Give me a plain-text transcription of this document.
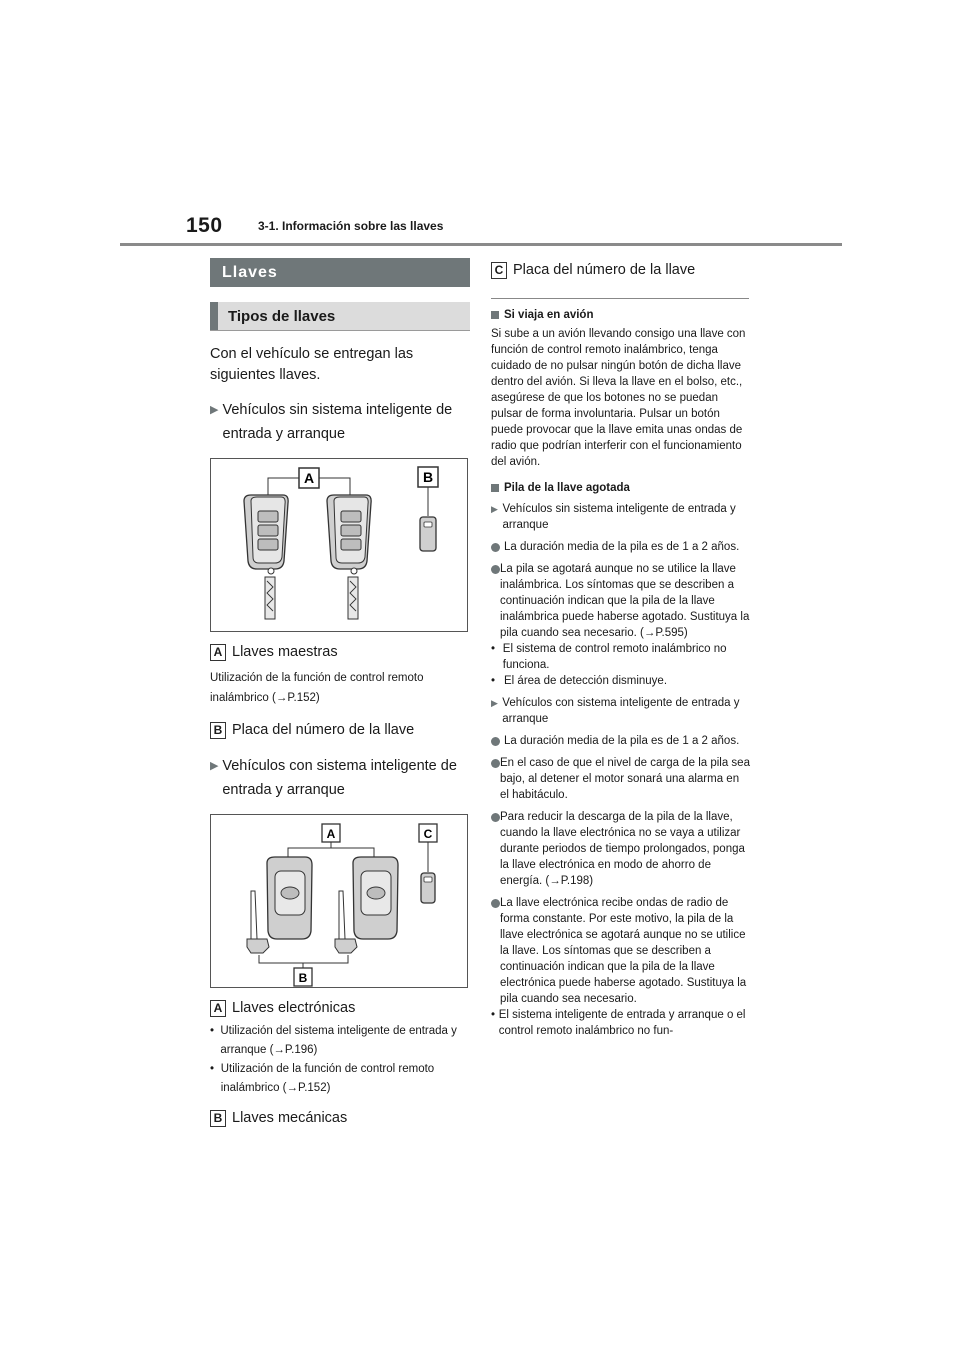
150	3-1. Información sobre las llaves
Llaves
Tipos de llaves
Con el vehículo se entregan las siguientes llaves.
▶ Vehículos sin sistema inteligente de entrada y arranque
A	B
A Llaves maestras
Utilización de la función de control remoto inalámbrico (→P.152)
B Placa del número de la llave
▶ Vehículos con sistema inteligente de entrada y arranque
A	C
B
A Llaves electrónicas
• Utilización del sistema inteligente de entrada y arranque (→P.196)
• Utilización de la función de control remoto inalámbrico (→P.152)
B Llaves mecánicas
C Placa del número de la llave
Si viaja en avión
Si sube a un avión llevando consigo una llave con función de control remoto inalámbrico, tenga cuidado de no pulsar ningún botón de dicha llave dentro del avión. Si lleva la llave en el bolso, etc., asegúrese de que los botones no se puedan pulsar de forma involuntaria. Pulsar un botón puede provocar que la llave emita unas ondas de radio que podrían interferir con el funcionamiento del avión.
Pila de la llave agotada
▶ Vehículos sin sistema inteligente de entrada y arranque
La duración media de la pila es de 1 a 2 años.
La pila se agotará aunque no se utilice la llave inalámbrica. Los síntomas que se describen a continuación indican que la pila de la llave inalámbrica puede haberse agotado. Sustituya la pila cuando sea necesario. (→P.595)
• El sistema de control remoto inalámbrico no funciona.
• El área de detección disminuye.
▶ Vehículos con sistema inteligente de entrada y arranque
La duración media de la pila es de 1 a 2 años.
En el caso de que el nivel de carga de la pila sea bajo, al detener el motor sonará una alarma en el habitáculo.
Para reducir la descarga de la pila de la llave, cuando la llave electrónica no se vaya a utilizar durante periodos de tiempo prolongados, ponga la llave electrónica en modo de ahorro de energía. (→P.198)
La llave electrónica recibe ondas de radio de forma constante. Por este motivo, la pila de la llave electrónica se agotará aunque no se utilice la llave. Los síntomas que se describen a continuación indican que la pila de la llave electrónica puede haberse agotado. Sustituya la pila cuando sea necesario.
• El sistema inteligente de entrada y arranque o el control remoto inalámbrico no fun-
